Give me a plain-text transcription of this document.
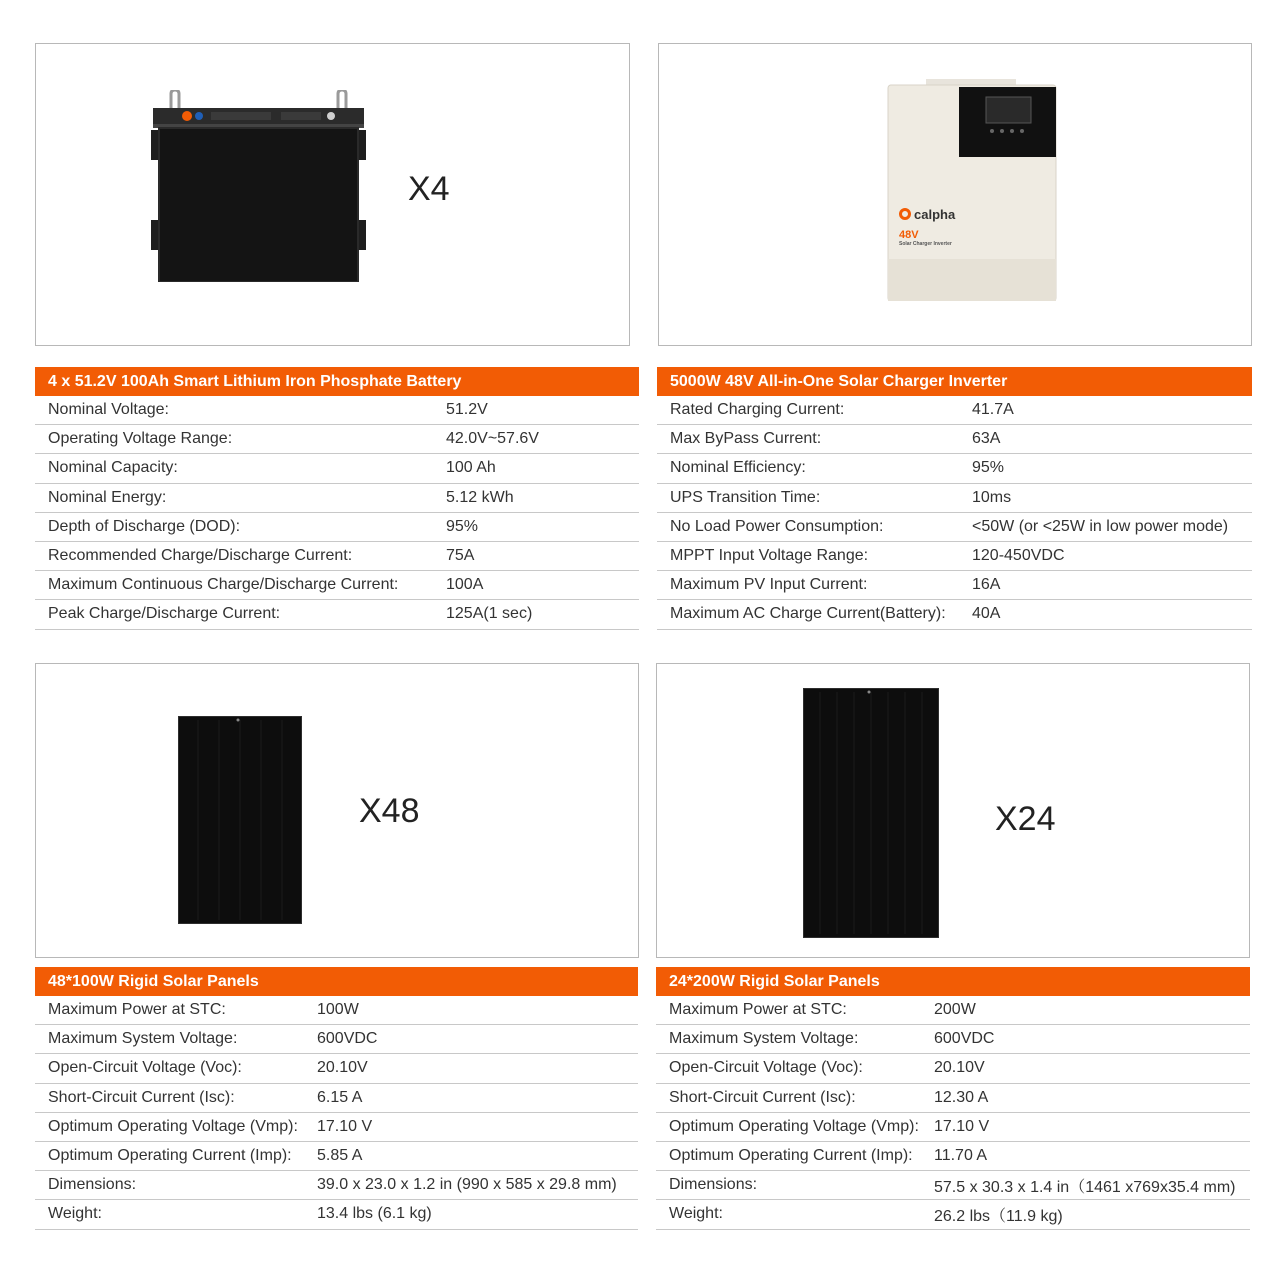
X4
calpha
48V
Solar Charger Inverter
4 x 51.2V 100Ah Smart Lithium Iron Phosphate Battery
Nominal Voltage:	51.2V
Operating Voltage Range:	42.0V~57.6V
Nominal Capacity:	100 Ah
Nominal Energy:	5.12 kWh
Depth of Discharge (DOD):	95%
Recommended Charge/Discharge Current:	75A
Maximum Continuous Charge/Discharge Current:	100A
Peak Charge/Discharge Current:	125A(1 sec)
5000W 48V All-in-One Solar Charger Inverter
Rated Charging Current:	41.7A
Max ByPass Current:	63A
Nominal Efficiency:	95%
UPS Transition Time:	10ms
No Load Power Consumption:	<50W (or <25W in low power mode)
MPPT Input Voltage Range:	120-450VDC
Maximum PV Input Current:	16A
Maximum AC Charge Current(Battery):	40A
X48	X24
48*100W Rigid Solar Panels
Maximum Power at STC:	100W
Maximum System Voltage:	600VDC
Open-Circuit Voltage (Voc):	20.10V
Short-Circuit Current (Isc):	6.15 A
Optimum Operating Voltage (Vmp):	17.10 V
Optimum Operating Current (Imp):	5.85 A
Dimensions:	39.0 x 23.0 x 1.2 in (990 x 585 x 29.8 mm)
Weight:	13.4 lbs (6.1 kg)
24*200W Rigid Solar Panels
Maximum Power at STC:	200W
Maximum System Voltage:	600VDC
Open-Circuit Voltage (Voc):	20.10V
Short-Circuit Current (Isc):	12.30 A
Optimum Operating Voltage (Vmp): 17.10 V
Optimum Operating Current (Imp):	11.70 A
Dimensions:	57.5 x 30.3 x 1.4 in（1461 x769x35.4 mm)
Weight:	26.2 lbs（11.9 kg)
